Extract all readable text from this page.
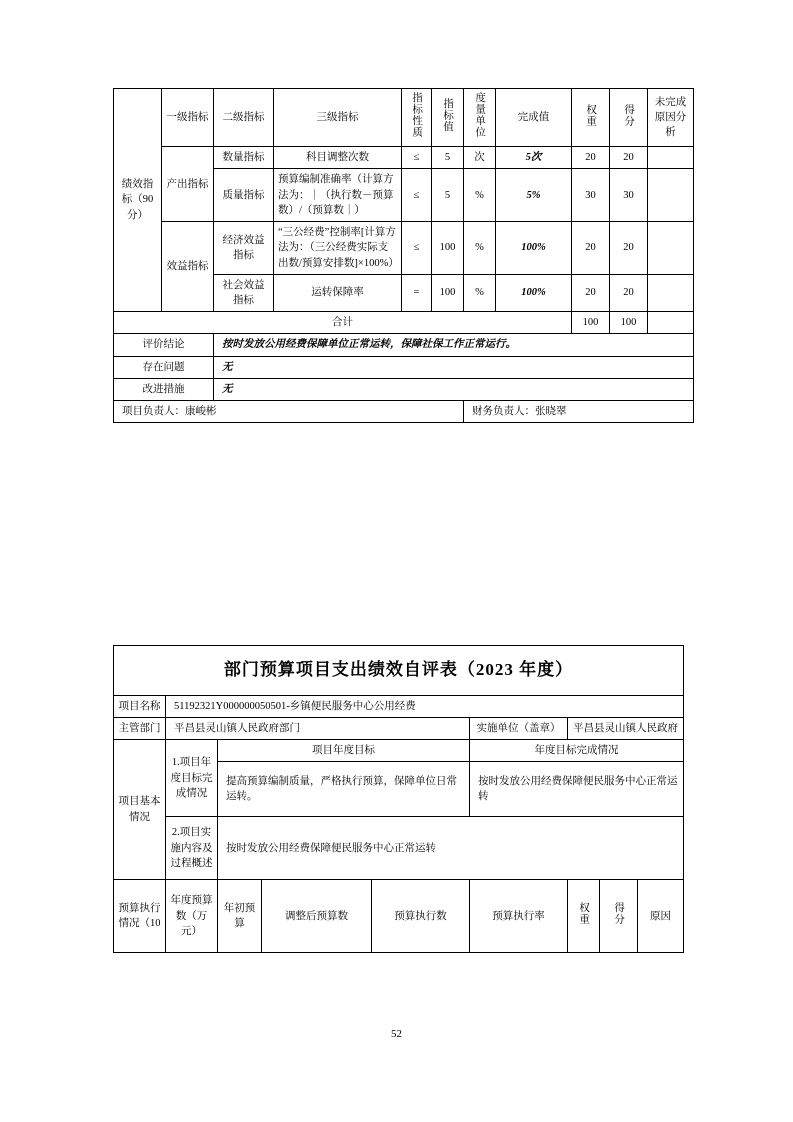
绩效指标（90分）	一级指标	二级指标	三级指标	指标性质	指标值	度量单位	完成值	权重	得分	未完成原因分析
	产出指标	数量指标	科目调整次数	≤	5	次	5次	20	20	
		质量指标	预算编制准确率（计算方法为：｜（执行数－预算数）/（预算数｜）	≤	5	%	5%	30	30	
	效益指标	经济效益指标	“三公经费”控制率[计算方法为：（三公经费实际支出数/预算安排数]×100%）	≤	100	%	100%	20	20	
		社会效益指标	运转保障率	=	100	%	100%	20	20	
合计								100	100	
评价结论		按时发放公用经费保障单位正常运转，保障社保工作正常运行。								
存在问题		无								
改进措施		无								
项目负责人：康峻彬						财务负责人：张晓翠				
部门预算项目支出绩效自评表（2023 年度）								
项目名称	51192321Y000000050501-乡镇便民服务中心公用经费							
主管部门	平昌县灵山镇人民政府部门				实施单位（盖章）	平昌县灵山镇人民政府		
项目基本情况	1.项目年度目标完成情况	项目年度目标			年度目标完成情况			
		提高预算编制质量，严格执行预算，保障单位日常运转。			按时发放公用经费保障便民服务中心正常运转			
	2.项目实施内容及过程概述	按时发放公用经费保障便民服务中心正常运转						
预算执行情况（10	年度预算数（万元）	年初预算	调整后预算数	预算执行数	预算执行率	权重	得分	原因
52
